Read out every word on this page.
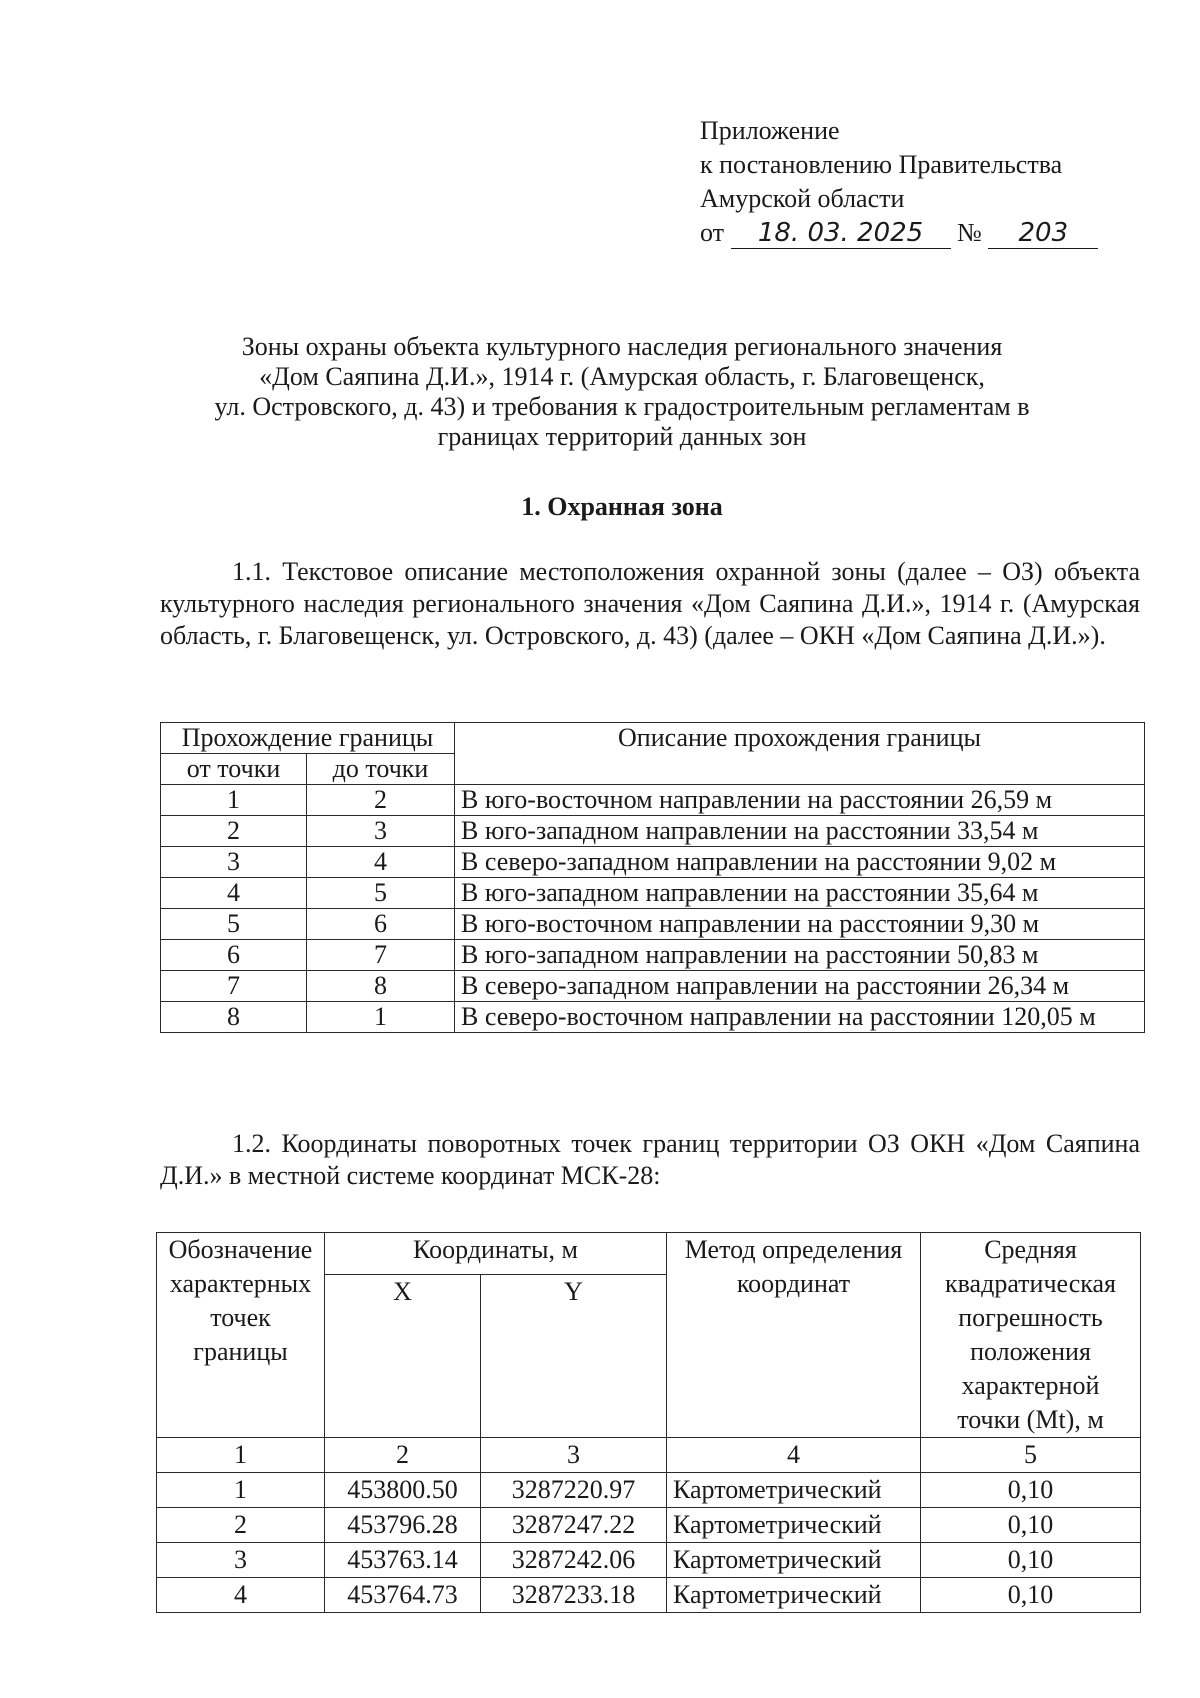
Приложение
к постановлению Правительства
Амурской области
от 18. 03. 2025 № 203
Зоны охраны объекта культурного наследия регионального значения
«Дом Саяпина Д.И.», 1914 г. (Амурская область, г. Благовещенск,
ул. Островского, д. 43) и требования к градостроительным регламентам в
границах территорий данных зон
1. Охранная зона
1.1. Текстовое описание местоположения охранной зоны (далее – ОЗ) объекта культурного наследия регионального значения «Дом Саяпина Д.И.», 1914 г. (Амурская область, г. Благовещенск, ул. Островского, д. 43) (далее – ОКН «Дом Саяпина Д.И.»).
Прохождение границы		Описание прохождения границы
от точки	до точки	
1	2	В юго-восточном направлении на расстоянии 26,59 м
2	3	В юго-западном направлении на расстоянии 33,54 м
3	4	В северо-западном направлении на расстоянии 9,02 м
4	5	В юго-западном направлении на расстоянии 35,64 м
5	6	В юго-восточном направлении на расстоянии 9,30 м
6	7	В юго-западном направлении на расстоянии 50,83 м
7	8	В северо-западном направлении на расстоянии 26,34 м
8	1	В северо-восточном направлении на расстоянии 120,05 м
1.2. Координаты поворотных точек границ территории ОЗ ОКН «Дом Саяпина Д.И.» в местной системе координат МСК-28:
Обозначение характерных точек границы	Координаты, м		Метод определения координат	Средняя квадратическая погрешность положения характерной точки (Mt), м
	X	Y		
1	2	3	4	5
1	453800.50	3287220.97	Картометрический	0,10
2	453796.28	3287247.22	Картометрический	0,10
3	453763.14	3287242.06	Картометрический	0,10
4	453764.73	3287233.18	Картометрический	0,10
